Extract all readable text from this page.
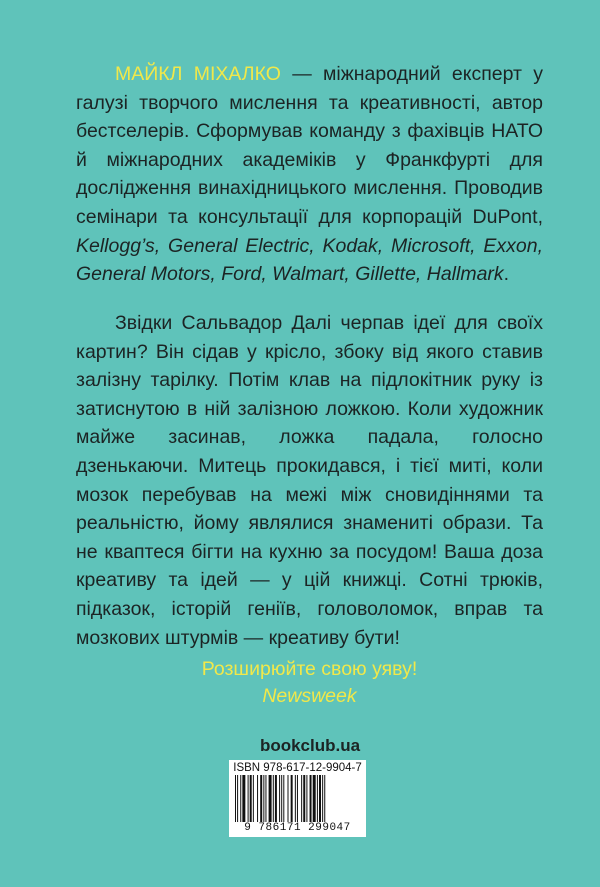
МАЙКЛ МІХАЛКО — міжнародний експерт у галузі творчого мислення та креативності, автор бестселерів. Сформував команду з фахівців НАТО й міжнародних академіків у Франкфурті для дослідження винахідницького мислення. Проводив семінари та консультації для корпорацій DuPont, Kellogg’s, General Electric, Kodak, Microsoft, Exxon, General Motors, Ford, Walmart, Gillette, Hallmark.
Звідки Сальвадор Далі черпав ідеї для своїх картин? Він сідав у крісло, збоку від якого ставив залізну тарілку. Потім клав на підлокітник руку із затиснутою в ній залізною ложкою. Коли художник майже засинав, ложка падала, голосно дзенькаючи. Митець прокидався, і тієї миті, коли мозок перебував на межі між сновидіннями та реальністю, йому являлися знамениті образи. Та не кваптеся бігти на кухню за посудом! Ваша доза креативу та ідей — у цій книжці. Сотні трюків, підказок, історій геніїв, головоломок, вправ та мозкових штурмів — креативу бути!
Розширюйте свою уяву!
Newsweek
bookclub.ua
ISBN 978-617-12-9904-7
9 786171 299047
